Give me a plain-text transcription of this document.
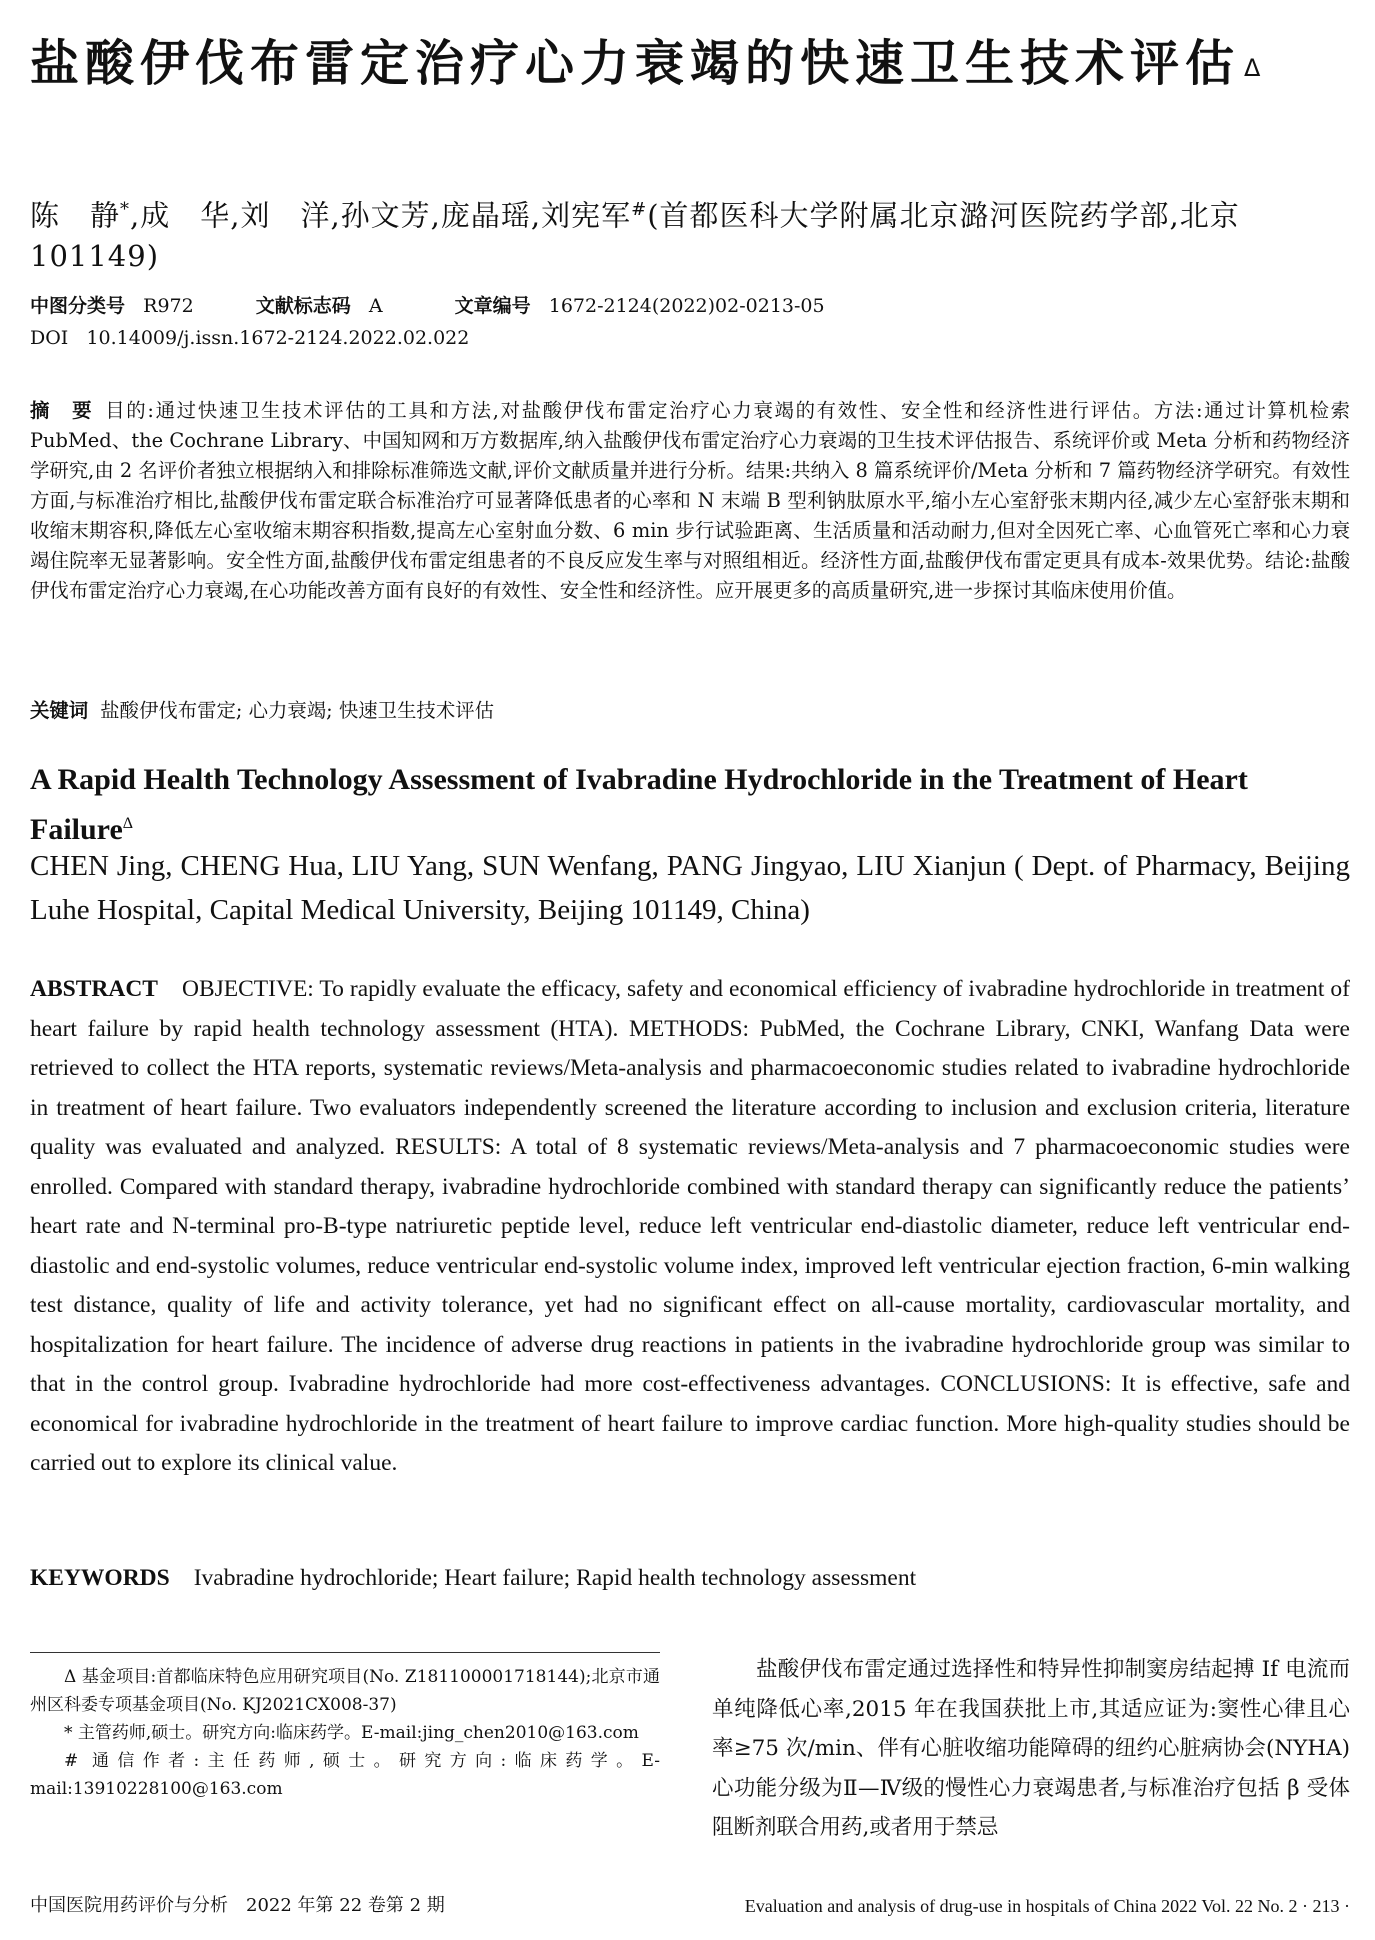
盐酸伊伐布雷定治疗心力衰竭的快速卫生技术评估 $^\Delta$
陈　静*,成　华,刘　洋,孙文芳,庞晶瑶,刘宪军#(首都医科大学附属北京潞河医院药学部,北京　101149)
中图分类号 R972	文献标志码 A	文章编号 1672-2124(2022)02-0213-05
DOI 10.14009/j.issn.1672-2124.2022.02.022
摘　要 目的:通过快速卫生技术评估的工具和方法,对盐酸伊伐布雷定治疗心力衰竭的有效性、安全性和经济性进行评估。方法:通过计算机检索 PubMed、the Cochrane Library、中国知网和万方数据库,纳入盐酸伊伐布雷定治疗心力衰竭的卫生技术评估报告、系统评价或 Meta 分析和药物经济学研究,由 2 名评价者独立根据纳入和排除标准筛选文献,评价文献质量并进行分析。结果:共纳入 8 篇系统评价/Meta 分析和 7 篇药物经济学研究。有效性方面,与标准治疗相比,盐酸伊伐布雷定联合标准治疗可显著降低患者的心率和 N 末端 B 型利钠肽原水平,缩小左心室舒张末期内径,减少左心室舒张末期和收缩末期容积,降低左心室收缩末期容积指数,提高左心室射血分数、6 min 步行试验距离、生活质量和活动耐力,但对全因死亡率、心血管死亡率和心力衰竭住院率无显著影响。安全性方面,盐酸伊伐布雷定组患者的不良反应发生率与对照组相近。经济性方面,盐酸伊伐布雷定更具有成本-效果优势。结论:盐酸伊伐布雷定治疗心力衰竭,在心功能改善方面有良好的有效性、安全性和经济性。应开展更多的高质量研究,进一步探讨其临床使用价值。
关键词 盐酸伊伐布雷定; 心力衰竭; 快速卫生技术评估
A Rapid Health Technology Assessment of Ivabradine Hydrochloride in the Treatment of Heart Failure$^\Delta$
CHEN Jing, CHENG Hua, LIU Yang, SUN Wenfang, PANG Jingyao, LIU Xianjun ( Dept. of Pharmacy, Beijing Luhe Hospital, Capital Medical University, Beijing 101149, China)
ABSTRACT OBJECTIVE: To rapidly evaluate the efficacy, safety and economical efficiency of ivabradine hydrochloride in treatment of heart failure by rapid health technology assessment (HTA). METHODS: PubMed, the Cochrane Library, CNKI, Wanfang Data were retrieved to collect the HTA reports, systematic reviews/Meta-analysis and pharmacoeconomic studies related to ivabradine hydrochloride in treatment of heart failure. Two evaluators independently screened the literature according to inclusion and exclusion criteria, literature quality was evaluated and analyzed. RESULTS: A total of 8 systematic reviews/Meta-analysis and 7 pharmacoeconomic studies were enrolled. Compared with standard therapy, ivabradine hydrochloride combined with standard therapy can significantly reduce the patients’ heart rate and N-terminal pro-B-type natriuretic peptide level, reduce left ventricular end-diastolic diameter, reduce left ventricular end-diastolic and end-systolic volumes, reduce ventricular end-systolic volume index, improved left ventricular ejection fraction, 6-min walking test distance, quality of life and activity tolerance, yet had no significant effect on all-cause mortality, cardiovascular mortality, and hospitalization for heart failure. The incidence of adverse drug reactions in patients in the ivabradine hydrochloride group was similar to that in the control group. Ivabradine hydrochloride had more cost-effectiveness advantages. CONCLUSIONS: It is effective, safe and economical for ivabradine hydrochloride in the treatment of heart failure to improve cardiac function. More high-quality studies should be carried out to explore its clinical value.
KEYWORDS Ivabradine hydrochloride; Heart failure; Rapid health technology assessment

Δ 基金项目:首都临床特色应用研究项目(No. Z181100001718144);北京市通州区科委专项基金项目(No. KJ2021CX008-37)

* 主管药师,硕士。研究方向:临床药学。E-mail:jing_chen2010@163.com

# 通信作者:主任药师,硕士。研究方向:临床药学。E-mail:13910228100@163.com

盐酸伊伐布雷定通过选择性和特异性抑制窦房结起搏 If 电流而单纯降低心率,2015 年在我国获批上市,其适应证为:窦性心律且心率≥75 次/min、伴有心脏收缩功能障碍的纽约心脏病协会(NYHA)心功能分级为Ⅱ—Ⅳ级的慢性心力衰竭患者,与标准治疗包括 β 受体阻断剂联合用药,或者用于禁忌

中国医院用药评价与分析　2022 年第 22 卷第 2 期	Evaluation and analysis of drug-use in hospitals of China 2022 Vol. 22 No. 2 · 213 ·
